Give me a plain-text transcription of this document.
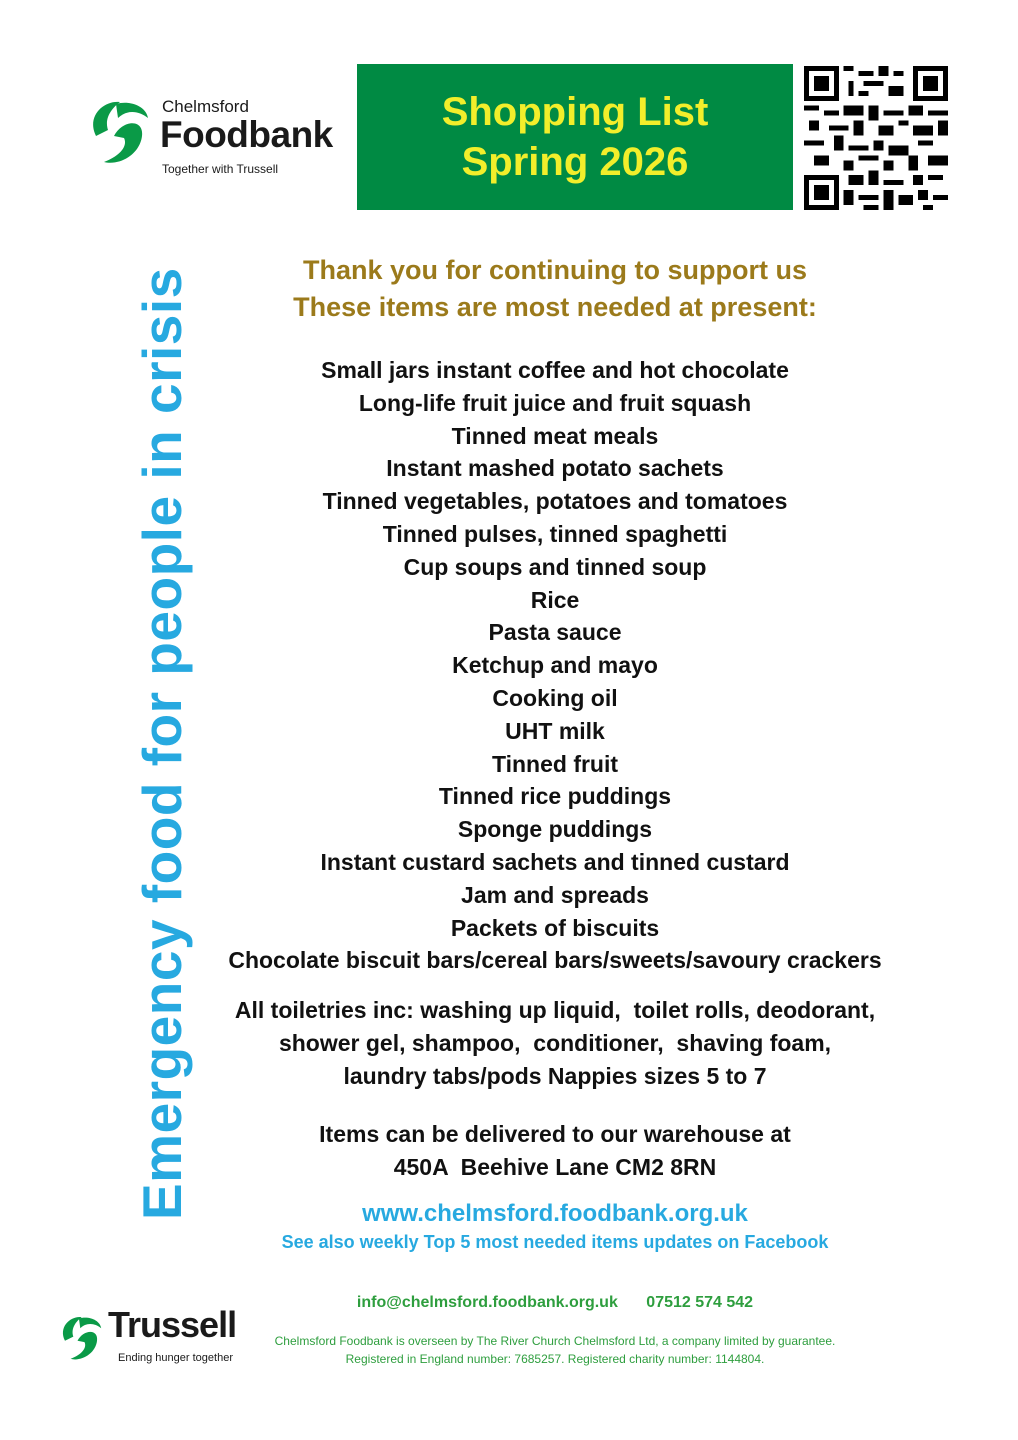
Chelmsford
Foodbank
Together with Trussell
Shopping List
Spring 2026
Emergency food for people in crisis	Thank you for continuing to support us
These items are most needed at present:
Small jars instant coffee and hot chocolate
Long-life fruit juice and fruit squash
Tinned meat meals
Instant mashed potato sachets
Tinned vegetables, potatoes and tomatoes
Tinned pulses, tinned spaghetti
Cup soups and tinned soup
Rice
Pasta sauce
Ketchup and mayo
Cooking oil
UHT milk
Tinned fruit
Tinned rice puddings
Sponge puddings
Instant custard sachets and tinned custard
Jam and spreads
Packets of biscuits
Chocolate biscuit bars/cereal bars/sweets/savoury crackers
All toiletries inc: washing up liquid,  toilet rolls, deodorant,
shower gel, shampoo,  conditioner,  shaving foam,
laundry tabs/pods Nappies sizes 5 to 7
Items can be delivered to our warehouse at
450A  Beehive Lane CM2 8RN
www.chelmsford.foodbank.org.uk
See also weekly Top 5 most needed items updates on Facebook
info@chelmsford.foodbank.org.uk 07512 574 542
Chelmsford Foodbank is overseen by The River Church Chelmsford Ltd, a company limited by guarantee.
Registered in England number: 7685257. Registered charity number: 1144804.
Trussell
Ending hunger together
